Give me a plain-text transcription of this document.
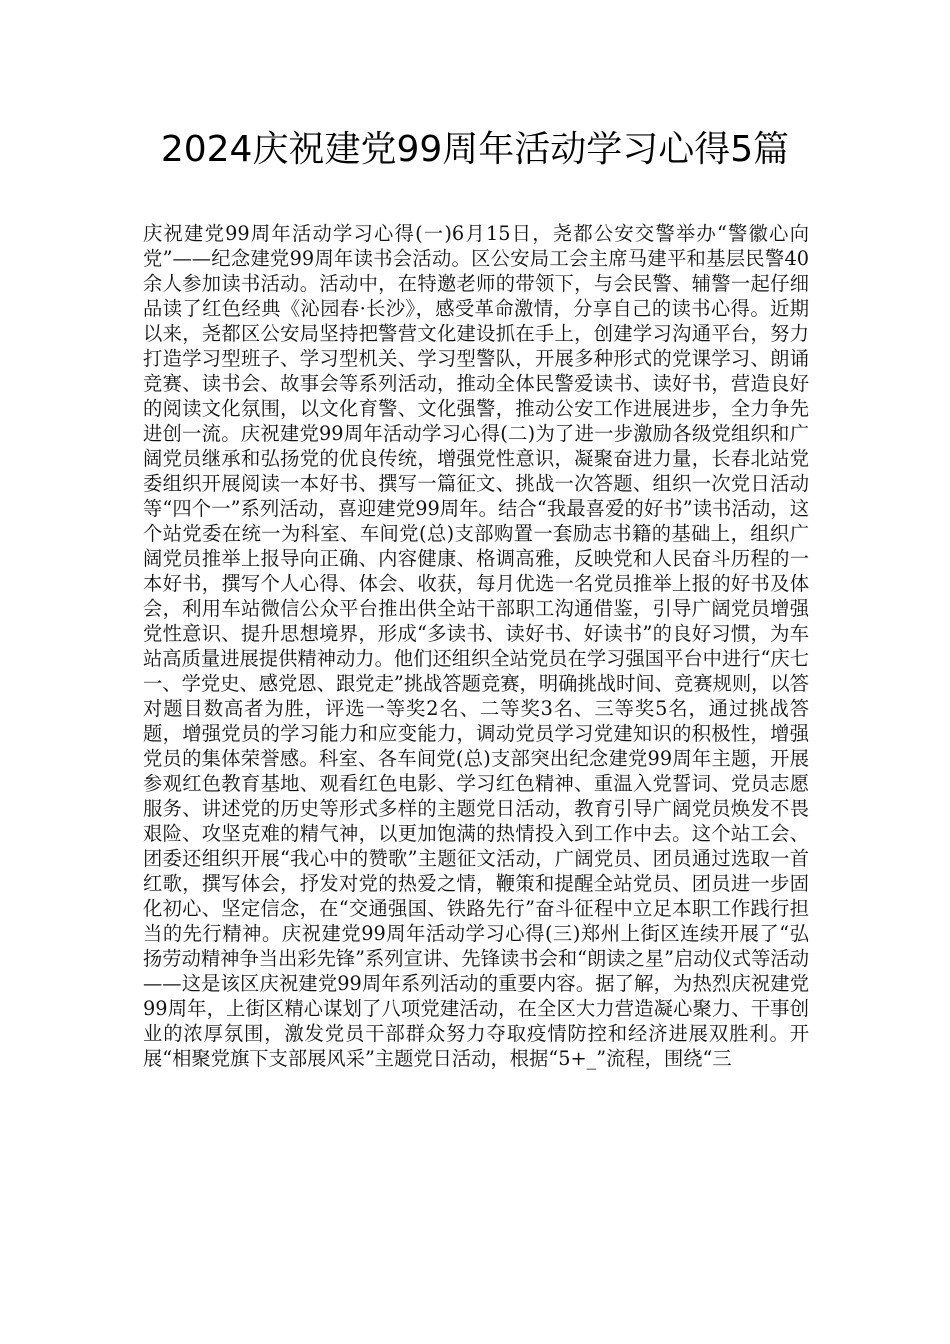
2024庆祝建党99周年活动学习心得5篇

庆祝建党99周年活动学习心得(一)6月15日，尧都公安交警举办“警徽心向党”——纪念建党99周年读书会活动。区公安局工会主席马建平和基层民警40余人参加读书活动。活动中，在特邀老师的带领下，与会民警、辅警一起仔细品读了红色经典《沁园春·长沙》，感受革命激情，分享自己的读书心得。近期以来，尧都区公安局坚持把警营文化建设抓在手上，创建学习沟通平台，努力打造学习型班子、学习型机关、学习型警队，开展多种形式的党课学习、朗诵竞赛、读书会、故事会等系列活动，推动全体民警爱读书、读好书，营造良好的阅读文化氛围，以文化育警、文化强警，推动公安工作进展进步，全力争先进创一流。庆祝建党99周年活动学习心得(二)为了进一步激励各级党组织和广阔党员继承和弘扬党的优良传统，增强党性意识，凝聚奋进力量，长春北站党委组织开展阅读一本好书、撰写一篇征文、挑战一次答题、组织一次党日活动等“四个一”系列活动，喜迎建党99周年。结合“我最喜爱的好书”读书活动，这个站党委在统一为科室、车间党(总)支部购置一套励志书籍的基础上，组织广阔党员推举上报导向正确、内容健康、格调高雅，反映党和人民奋斗历程的一本好书，撰写个人心得、体会、收获，每月优选一名党员推举上报的好书及体会，利用车站微信公众平台推出供全站干部职工沟通借鉴，引导广阔党员增强党性意识、提升思想境界，形成“多读书、读好书、好读书”的良好习惯，为车站高质量进展提供精神动力。他们还组织全站党员在学习强国平台中进行“庆七一、学党史、感党恩、跟党走”挑战答题竞赛，明确挑战时间、竞赛规则，以答对题目数高者为胜，评选一等奖2名、二等奖3名、三等奖5名，通过挑战答题，增强党员的学习能力和应变能力，调动党员学习党建知识的积极性，增强党员的集体荣誉感。科室、各车间党(总)支部突出纪念建党99周年主题，开展参观红色教育基地、观看红色电影、学习红色精神、重温入党誓词、党员志愿服务、讲述党的历史等形式多样的主题党日活动，教育引导广阔党员焕发不畏艰险、攻坚克难的精气神，以更加饱满的热情投入到工作中去。这个站工会、团委还组织开展“我心中的赞歌”主题征文活动，广阔党员、团员通过选取一首红歌，撰写体会，抒发对党的热爱之情，鞭策和提醒全站党员、团员进一步固化初心、坚定信念，在“交通强国、铁路先行”奋斗征程中立足本职工作践行担当的先行精神。庆祝建党99周年活动学习心得(三)郑州上街区连续开展了“弘扬劳动精神争当出彩先锋”系列宣讲、先锋读书会和“朗读之星”启动仪式等活动——这是该区庆祝建党99周年系列活动的重要内容。据了解，为热烈庆祝建党99周年，上街区精心谋划了八项党建活动，在全区大力营造凝心聚力、干事创业的浓厚氛围，激发党员干部群众努力夺取疫情防控和经济进展双胜利。开展“相聚党旗下支部展风采”主题党日活动，根据“5+_”流程，围绕“三
